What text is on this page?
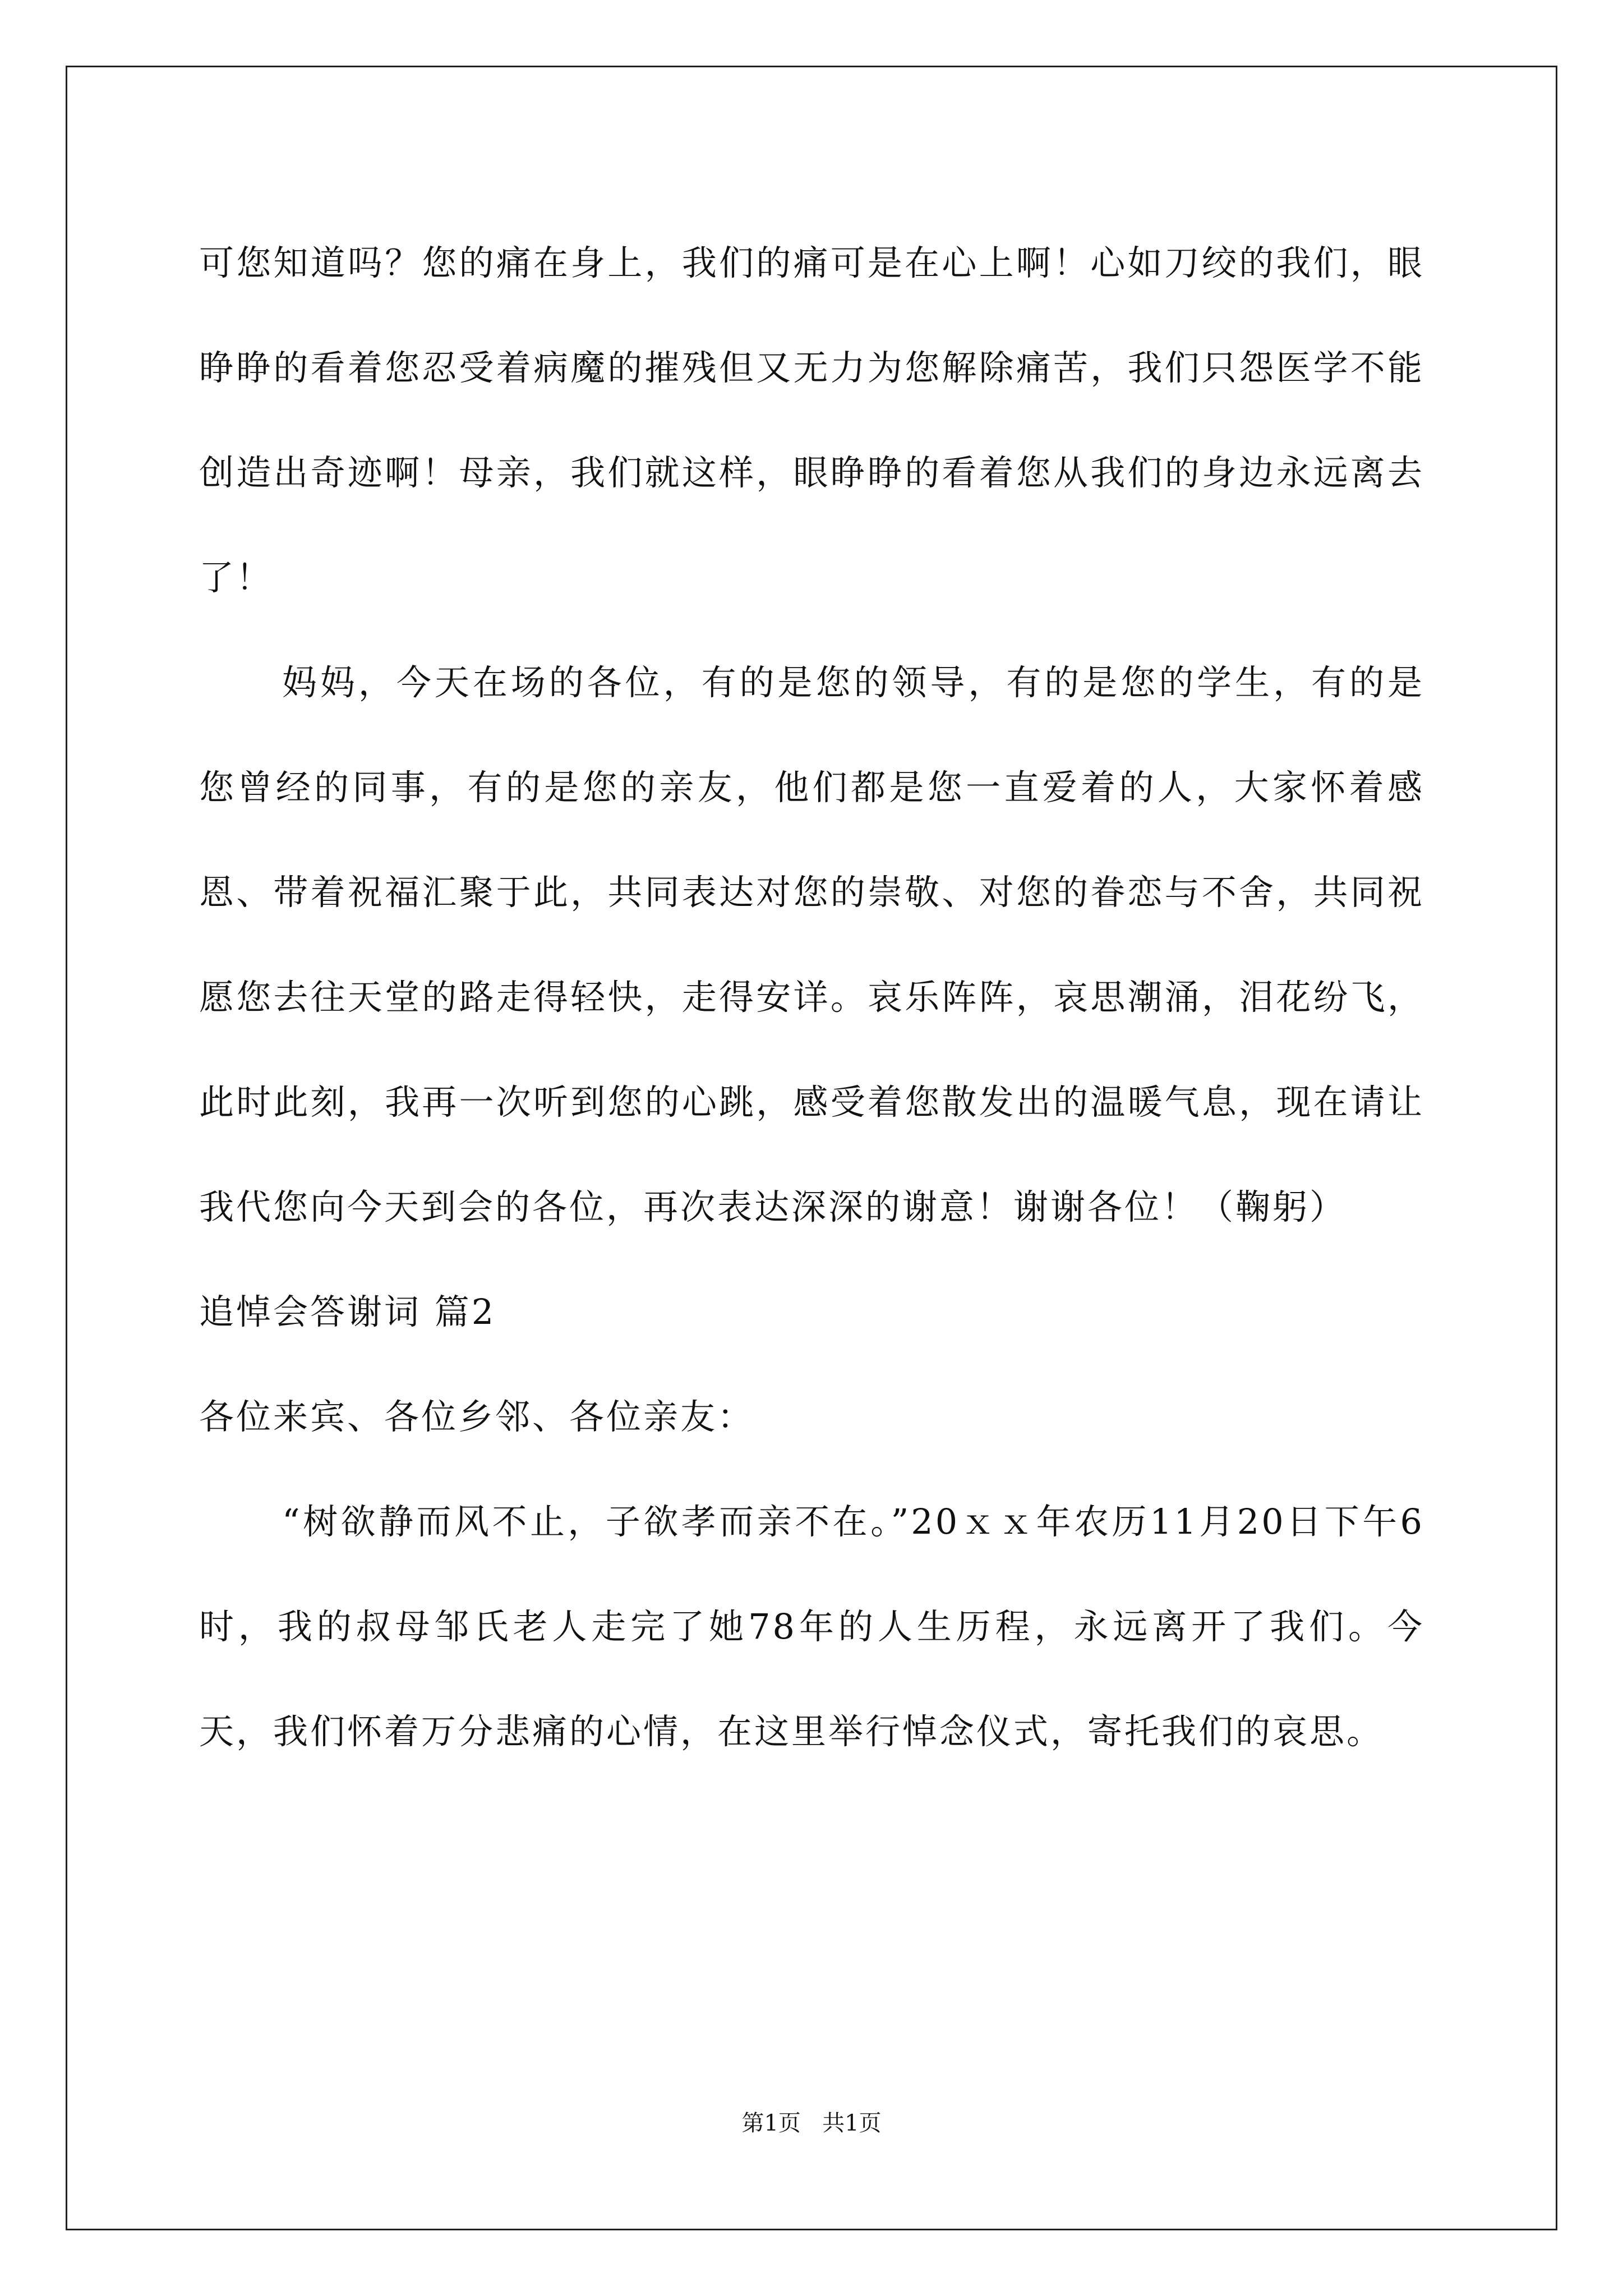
可您知道吗？您的痛在身上，我们的痛可是在心上啊！心如刀绞的我们，眼睁睁的看着您忍受着病魔的摧残但又无力为您解除痛苦，我们只怨医学不能创造出奇迹啊！母亲，我们就这样，眼睁睁的看着您从我们的身边永远离去了！

妈妈，今天在场的各位，有的是您的领导，有的是您的学生，有的是您曾经的同事，有的是您的亲友，他们都是您一直爱着的人，大家怀着感恩、带着祝福汇聚于此，共同表达对您的崇敬、对您的眷恋与不舍，共同祝愿您去往天堂的路走得轻快，走得安详。哀乐阵阵，哀思潮涌，泪花纷飞，此时此刻，我再一次听到您的心跳，感受着您散发出的温暖气息，现在请让我代您向今天到会的各位，再次表达深深的谢意！谢谢各位！（鞠躬）

追悼会答谢词 篇2

各位来宾、各位乡邻、各位亲友：

“树欲静而风不止，子欲孝而亲不在。”20ｘｘ年农历11月20日下午6时，我的叔母邹氏老人走完了她78年的人生历程，永远离开了我们。今天，我们怀着万分悲痛的心情，在这里举行悼念仪式，寄托我们的哀思。

第1页 共1页
